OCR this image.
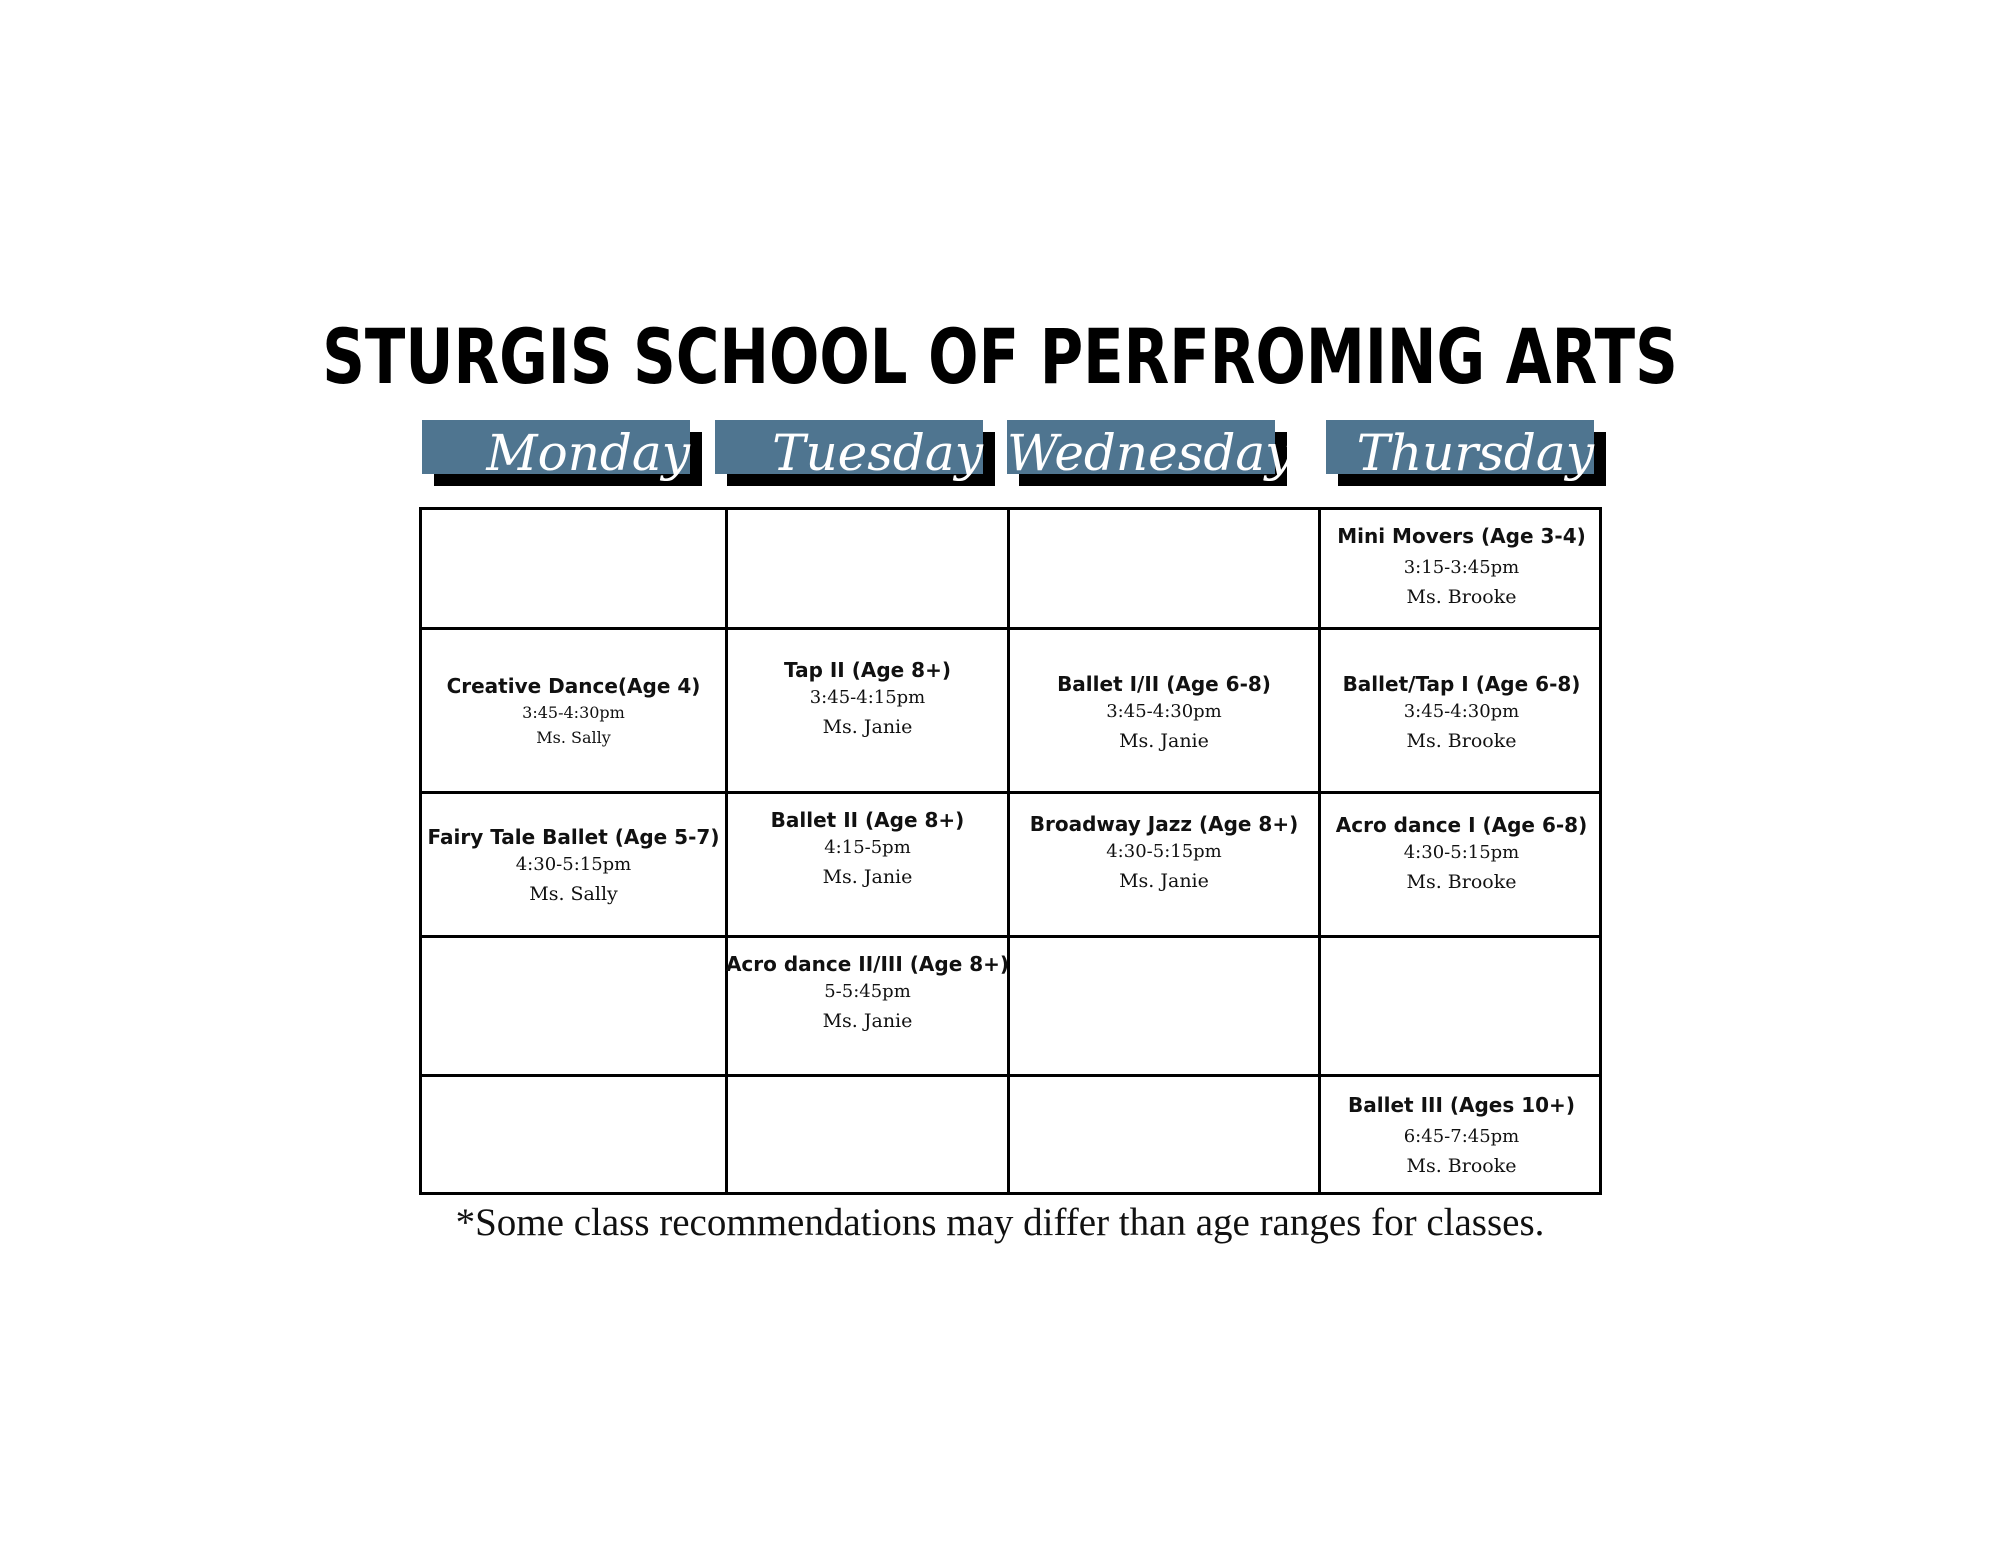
STURGIS SCHOOL OF PERFROMING ARTS
Monday	Tuesday Wednesday	Thursday
Mini Movers (Age 3-4)
3:15-3:45pm
Ms. Brooke
Creative Dance(Age 4)
3:45-4:30pm
Ms. Sally
Tap II (Age 8+)
3:45-4:15pm
Ms. Janie
Ballet I/II (Age 6-8)
3:45-4:30pm
Ms. Janie
Ballet/Tap I (Age 6-8)
3:45-4:30pm
Ms. Brooke
Fairy Tale Ballet (Age 5-7)
4:30-5:15pm
Ms. Sally
Ballet II (Age 8+)
4:15-5pm
Ms. Janie
Broadway Jazz (Age 8+)
4:30-5:15pm
Ms. Janie
Acro dance I (Age 6-8)
4:30-5:15pm
Ms. Brooke
Acro dance II/III (Age 8+)
5-5:45pm
Ms. Janie
Ballet III (Ages 10+)
6:45-7:45pm
Ms. Brooke
*Some class recommendations may differ than age ranges for classes.
